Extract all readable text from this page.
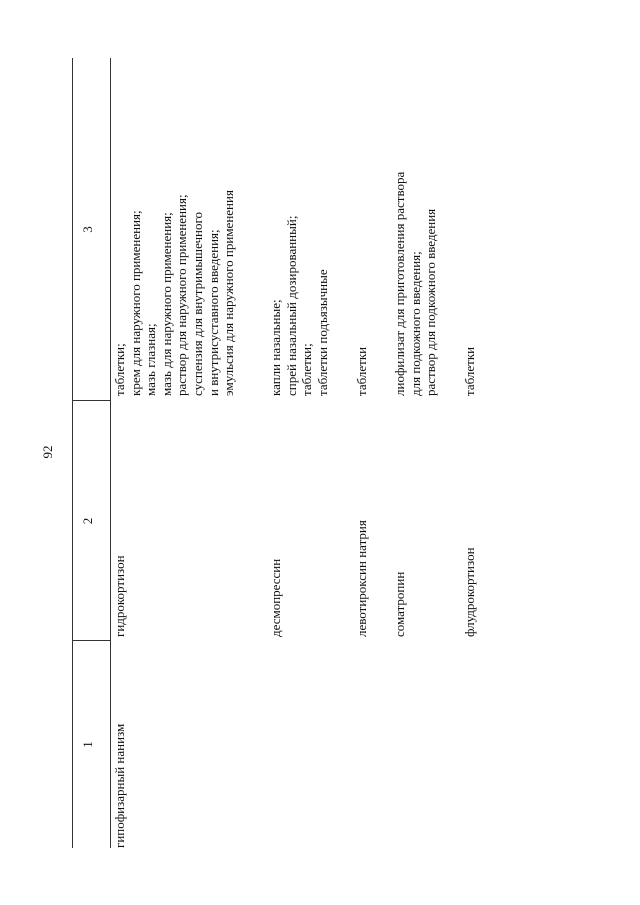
92
1
2
3
гипофизарный нанизм
гидрокортизон
таблетки; крем для наружного применения; мазь глазная; мазь для наружного применения; раствор для наружного применения; суспензия для внутримышечного и внутрисуставного введения; эмульсия для наружного применения
десмопрессин
капли назальные; спрей назальный дозированный; таблетки; таблетки подъязычные
левотироксин натрия
таблетки
соматропин
лиофилизат для приготовления раствора для подкожного введения; раствор для подкожного введения
флудрокортизон
таблетки
